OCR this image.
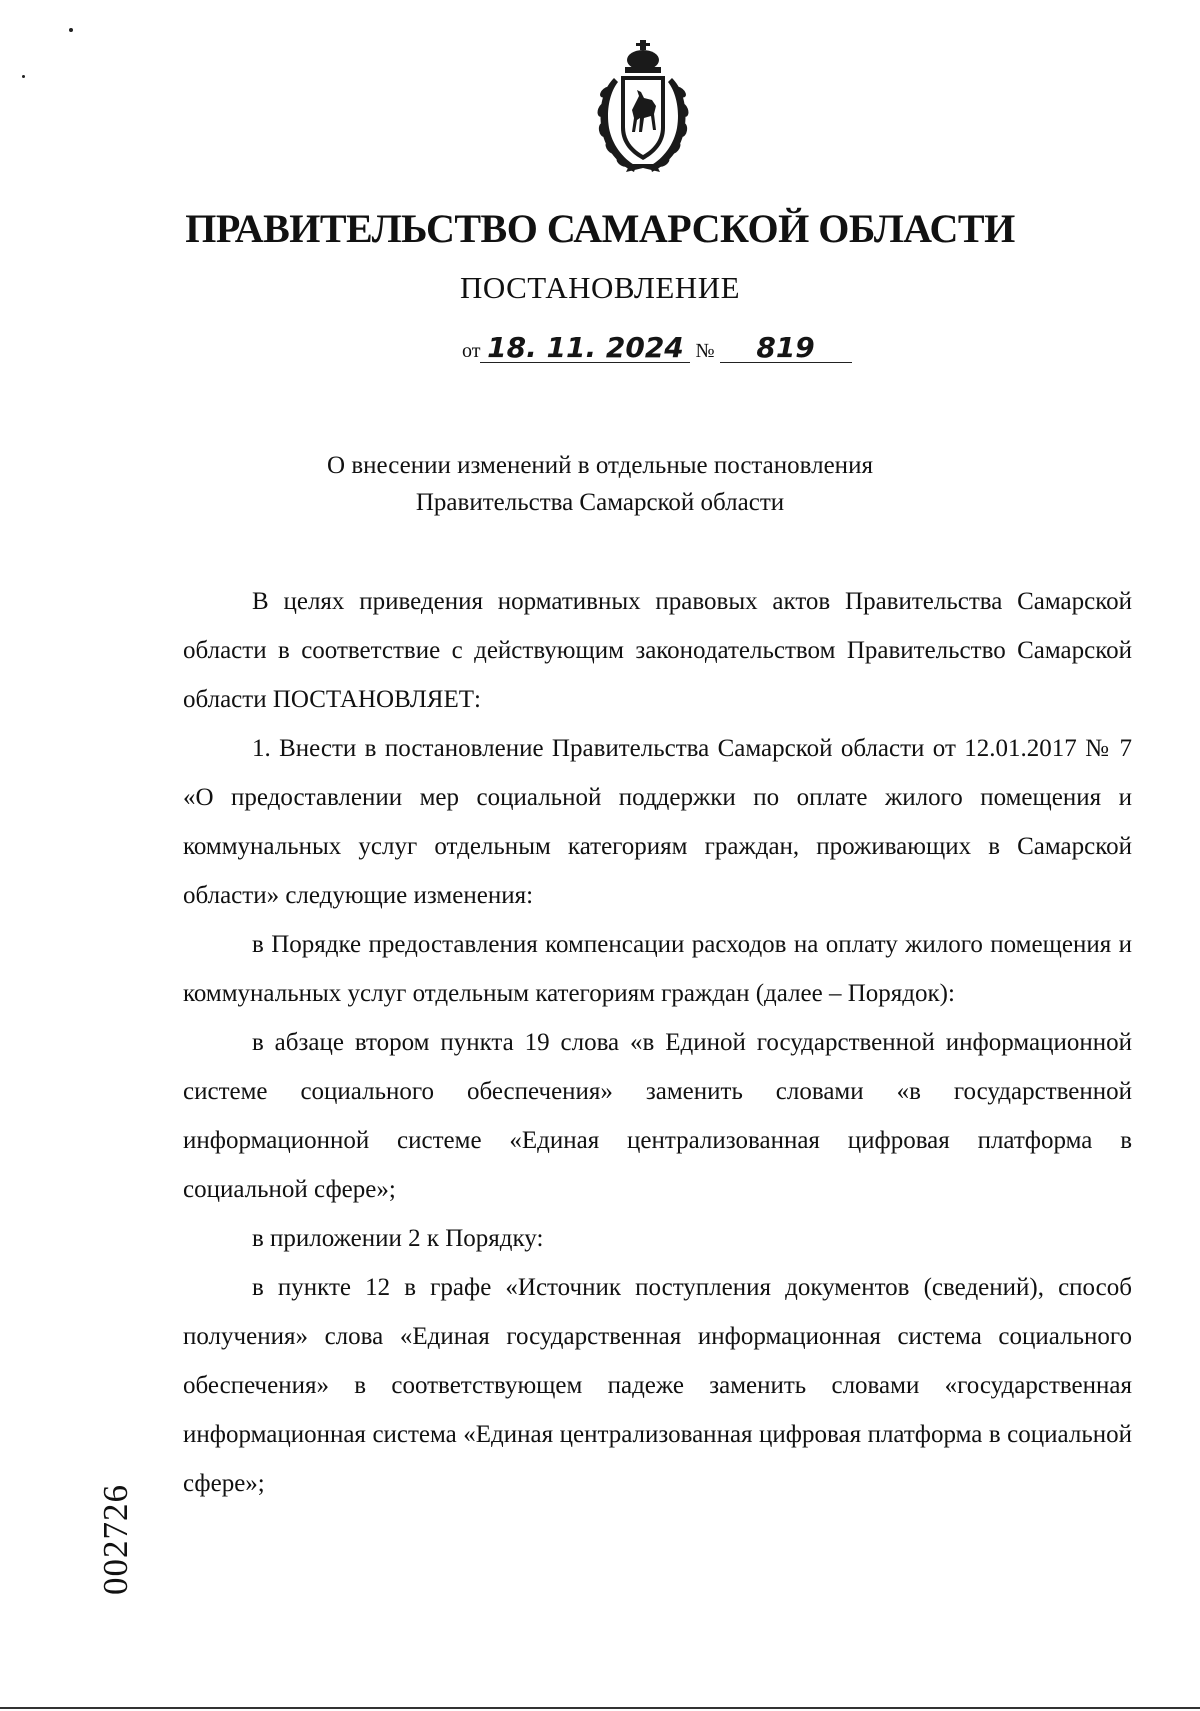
ПРАВИТЕЛЬСТВО САМАРСКОЙ ОБЛАСТИ
ПОСТАНОВЛЕНИЕ
от 18. 11. 2024 № 819
О внесении изменений в отдельные постановления
Правительства Самарской области

В целях приведения нормативных правовых актов Правительства Самарской области в соответствие с действующим законодательством Правительство Самарской области ПОСТАНОВЛЯЕТ:

1. Внести в постановление Правительства Самарской области от 12.01.2017 № 7 «О предоставлении мер социальной поддержки по оплате жилого помещения и коммунальных услуг отдельным категориям граждан, проживающих в Самарской области» следующие изменения:

в Порядке предоставления компенсации расходов на оплату жилого помещения и коммунальных услуг отдельным категориям граждан (далее – Порядок):

в абзаце втором пункта 19 слова «в Единой государственной информационной системе социального обеспечения» заменить словами «в государственной информационной системе «Единая централизованная цифровая платформа в социальной сфере»;

в приложении 2 к Порядку:

в пункте 12 в графе «Источник поступления документов (сведений), способ получения» слова «Единая государственная информационная система социального обеспечения» в соответствующем падеже заменить словами «государственная информационная система «Единая централизованная цифровая платформа в социальной сфере»;

002726
